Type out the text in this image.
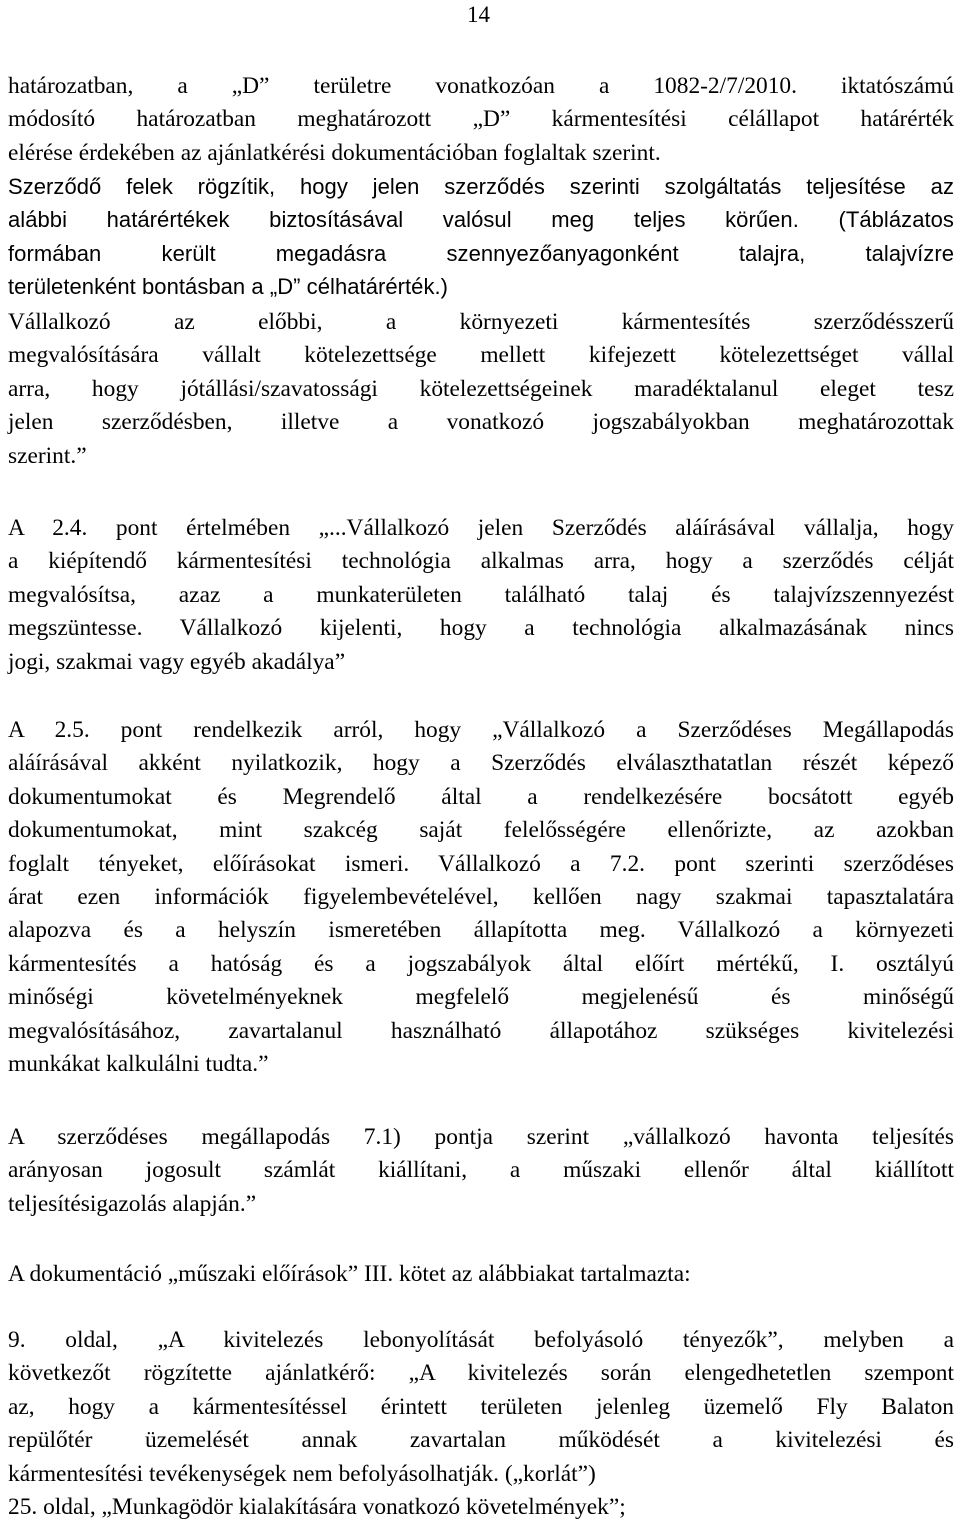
14
határozatban, a „D” területre vonatkozóan a 1082-2/7/2010. iktatószámú
módosító határozatban meghatározott „D” kármentesítési célállapot határérték
elérése érdekében az ajánlatkérési dokumentációban foglaltak szerint.
Szerződő felek rögzítik, hogy jelen szerződés szerinti szolgáltatás teljesítése az
alábbi határértékek biztosításával valósul meg teljes körűen. (Táblázatos
formában került megadásra szennyezőanyagonként talajra, talajvízre
területenként bontásban a „D” célhatárérték.)
Vállalkozó az előbbi, a környezeti kármentesítés szerződésszerű
megvalósítására vállalt kötelezettsége mellett kifejezett kötelezettséget vállal
arra, hogy jótállási/szavatossági kötelezettségeinek maradéktalanul eleget tesz
jelen szerződésben, illetve a vonatkozó jogszabályokban meghatározottak
szerint.”
A 2.4. pont értelmében „...Vállalkozó jelen Szerződés aláírásával vállalja, hogy
a kiépítendő kármentesítési technológia alkalmas arra, hogy a szerződés célját
megvalósítsa, azaz a munkaterületen található talaj és talajvízszennyezést
megszüntesse. Vállalkozó kijelenti, hogy a technológia alkalmazásának nincs
jogi, szakmai vagy egyéb akadálya”
A 2.5. pont rendelkezik arról, hogy „Vállalkozó a Szerződéses Megállapodás
aláírásával akként nyilatkozik, hogy a Szerződés elválaszthatatlan részét képező
dokumentumokat és Megrendelő által a rendelkezésére bocsátott egyéb
dokumentumokat, mint szakcég saját felelősségére ellenőrizte, az azokban
foglalt tényeket, előírásokat ismeri. Vállalkozó a 7.2. pont szerinti szerződéses
árat ezen információk figyelembevételével, kellően nagy szakmai tapasztalatára
alapozva és a helyszín ismeretében állapította meg. Vállalkozó a környezeti
kármentesítés a hatóság és a jogszabályok által előírt mértékű, I. osztályú
minőségi követelményeknek megfelelő megjelenésű és minőségű
megvalósításához, zavartalanul használható állapotához szükséges kivitelezési
munkákat kalkulálni tudta.”
A szerződéses megállapodás 7.1) pontja szerint „vállalkozó havonta teljesítés
arányosan jogosult számlát kiállítani, a műszaki ellenőr által kiállított
teljesítésigazolás alapján.”
A dokumentáció „műszaki előírások” III. kötet az alábbiakat tartalmazta:
9. oldal, „A kivitelezés lebonyolítását befolyásoló tényezők”, melyben a
következőt rögzítette ajánlatkérő: „A kivitelezés során elengedhetetlen szempont
az, hogy a kármentesítéssel érintett területen jelenleg üzemelő Fly Balaton
repülőtér üzemelését annak zavartalan működését a kivitelezési és
kármentesítési tevékenységek nem befolyásolhatják. („korlát”)
25. oldal, „Munkagödör kialakítására vonatkozó követelmények”;
